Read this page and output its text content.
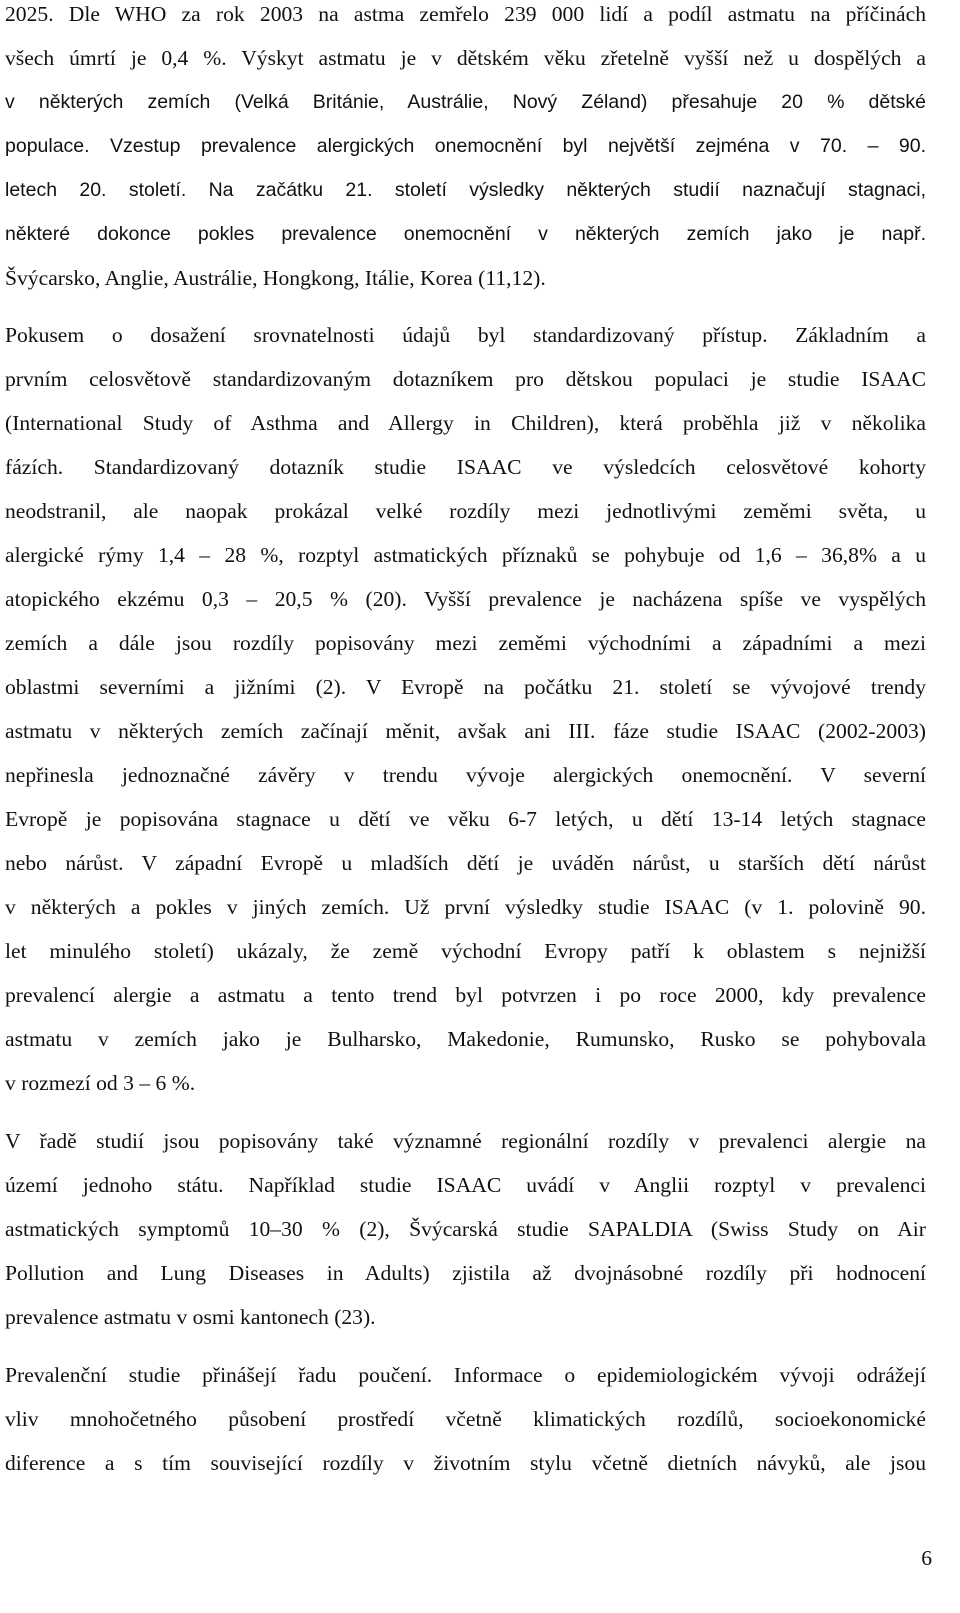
2025. Dle WHO za rok 2003 na astma zemřelo 239 000 lidí a podíl astmatu na příčinách
všech úmrtí je 0,4 %. Výskyt astmatu je v dětském věku zřetelně vyšší než u dospělých a
v některých zemích (Velká Británie, Austrálie, Nový Zéland) přesahuje 20 % dětské
populace. Vzestup prevalence alergických onemocnění byl největší zejména v 70. – 90.
letech 20. století. Na začátku 21. století výsledky některých studií naznačují stagnaci,
některé dokonce pokles prevalence onemocnění v některých zemích jako je např.
Švýcarsko, Anglie, Austrálie, Hongkong, Itálie, Korea (11,12).
Pokusem o dosažení srovnatelnosti údajů byl standardizovaný přístup. Základním a
prvním celosvětově standardizovaným dotazníkem pro dětskou populaci je studie ISAAC
(International Study of Asthma and Allergy in Children), která proběhla již v několika
fázích. Standardizovaný dotazník studie ISAAC ve výsledcích celosvětové kohorty
neodstranil, ale naopak prokázal velké rozdíly mezi jednotlivými zeměmi světa, u
alergické rýmy 1,4 – 28 %, rozptyl astmatických příznaků se pohybuje od 1,6 – 36,8% a u
atopického ekzému 0,3 – 20,5 % (20). Vyšší prevalence je nacházena spíše ve vyspělých
zemích a dále jsou rozdíly popisovány mezi zeměmi východními a západními a mezi
oblastmi severními a jižními (2). V Evropě na počátku 21. století se vývojové trendy
astmatu v některých zemích začínají měnit, avšak ani III. fáze studie ISAAC (2002-2003)
nepřinesla jednoznačné závěry v trendu vývoje alergických onemocnění. V severní
Evropě je popisována stagnace u dětí ve věku 6-7 letých, u dětí 13-14 letých stagnace
nebo nárůst. V západní Evropě u mladších dětí je uváděn nárůst, u starších dětí nárůst
v některých a pokles v jiných zemích. Už první výsledky studie ISAAC (v 1. polovině 90.
let minulého století) ukázaly, že země východní Evropy patří k oblastem s nejnižší
prevalencí alergie a astmatu a tento trend byl potvrzen i po roce 2000, kdy prevalence
astmatu v zemích jako je Bulharsko, Makedonie, Rumunsko, Rusko se pohybovala
v rozmezí od 3 – 6 %.
V řadě studií jsou popisovány také významné regionální rozdíly v prevalenci alergie na
území jednoho státu. Například studie ISAAC uvádí v Anglii rozptyl v prevalenci
astmatických symptomů 10–30 % (2), Švýcarská studie SAPALDIA (Swiss Study on Air
Pollution and Lung Diseases in Adults) zjistila až dvojnásobné rozdíly při hodnocení
prevalence astmatu v osmi kantonech (23).
Prevalenční studie přinášejí řadu poučení. Informace o epidemiologickém vývoji odrážejí
vliv mnohočetného působení prostředí včetně klimatických rozdílů, socioekonomické
diference a s tím související rozdíly v životním stylu včetně dietních návyků, ale jsou
6
